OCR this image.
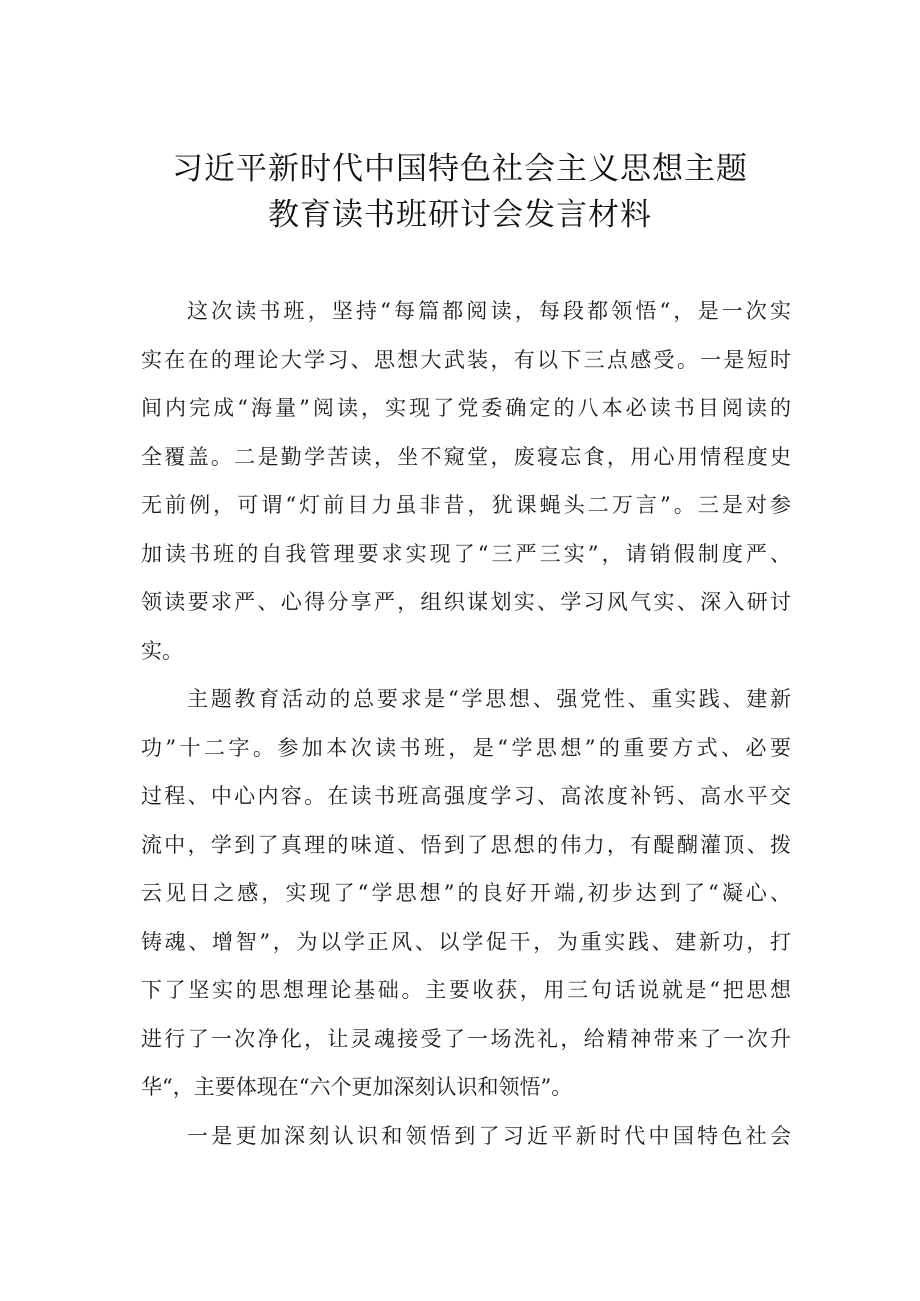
习近平新时代中国特色社会主义思想主题
教育读书班研讨会发言材料
这次读书班，坚持“每篇都阅读，每段都领悟“，是一次实
实在在的理论大学习、思想大武装，有以下三点感受。一是短时
间内完成“海量”阅读，实现了党委确定的八本必读书目阅读的
全覆盖。二是勤学苦读，坐不窥堂，废寝忘食，用心用情程度史
无前例，可谓“灯前目力虽非昔，犹课蝇头二万言”。三是对参
加读书班的自我管理要求实现了“三严三实”，请销假制度严、
领读要求严、心得分享严，组织谋划实、学习风气实、深入研讨
实。
主题教育活动的总要求是“学思想、强党性、重实践、建新
功”十二字。参加本次读书班，是“学思想”的重要方式、必要
过程、中心内容。在读书班高强度学习、高浓度补钙、高水平交
流中，学到了真理的味道、悟到了思想的伟力，有醍醐灌顶、拨
云见日之感，实现了“学思想”的良好开端,初步达到了“凝心、
铸魂、增智”，为以学正风、以学促干，为重实践、建新功，打
下了坚实的思想理论基础。主要收获，用三句话说就是“把思想
进行了一次净化，让灵魂接受了一场洗礼，给精神带来了一次升
华“，主要体现在“六个更加深刻认识和领悟”。
一是更加深刻认识和领悟到了习近平新时代中国特色社会
